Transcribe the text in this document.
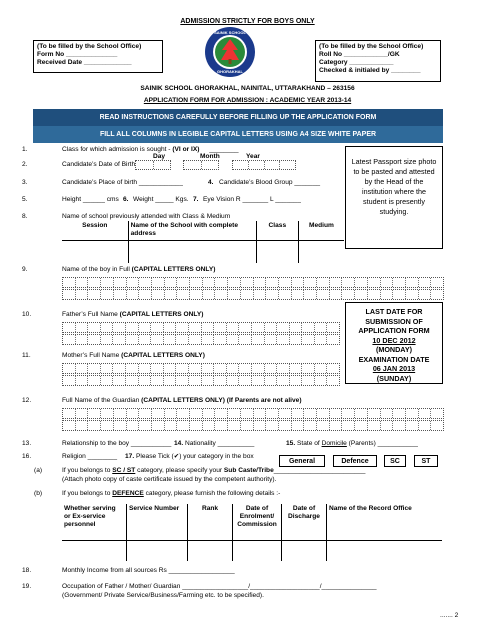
ADMISSION STRICTLY FOR BOYS ONLY
(To be filled by the School Office)
Form No ______________
Received Date _____________
(To be filled by the School Office)
Roll No ____________/GK
Category ____________
Checked & initialed by ________
SAINIK SCHOOL
GHORAKHAL
SAINIK SCHOOL GHORAKHAL, NAINITAL, UTTARAKHAND – 263156
APPLICATION FORM FOR ADMISSION : ACADEMIC YEAR 2013-14
READ INSTRUCTIONS CAREFULLY BEFORE FILLING UP THE APPLICATION FORM
FILL ALL COLUMNS IN LEGIBLE CAPITAL LETTERS USING A4 SIZE WHITE PAPER
1.	Class for which admission is sought - (VI or IX) ________
Day	Month	Year
2.	Candidate’s Date of Birth
3.	Candidate’s Place of birth ____________	4. Candidate’s Blood Group _______
5.	Height ______ cms 6. Weight _____ Kgs. 7. Eye Vision R _______ L _______
8.	Name of school previously attended with Class & Medium
Session	Name of the School with complete address	Class	Medium

Latest Passport size photo to be pasted and attested by the Head of the institution where the student is presently studying.
9.	Name of the boy in Full (CAPITAL LETTERS ONLY)
10.	Father’s Full Name (CAPITAL LETTERS ONLY)
11.	Mother’s Full Name (CAPITAL LETTERS ONLY)
LAST DATE FOR
SUBMISSION OF
APPLICATION FORM
10 DEC 2012
(MONDAY)
EXAMINATION DATE
06 JAN 2013
(SUNDAY)
12.	Full Name of the Guardian (CAPITAL LETTERS ONLY) (If Parents are not alive)
13.	Relationship to the boy ___________ 14. Nationality __________	15. State of Domicile (Parents) ___________
16.	Religion ________ 17. Please Tick (✔) your category in the box
General	Defence	SC	ST
(a)	If you belongs to SC / ST category, please specify your Sub Caste/Tribe_________________________
(Attach photo copy of caste certificate issued by the competent authority).
(b)	If you belongs to DEFENCE category, please furnish the following details :-
Whether serving or Ex-service personnel	Service Number	Rank	Date of Enrolment/ Commission	Date of Discharge	Name of the Record Office

18.	Monthly Income from all sources Rs __________________
19.	Occupation of Father / Mother/ Guardian __________________/___________________/_______________
(Government/ Private Service/Business/Farming etc. to be specified).
....... 2
